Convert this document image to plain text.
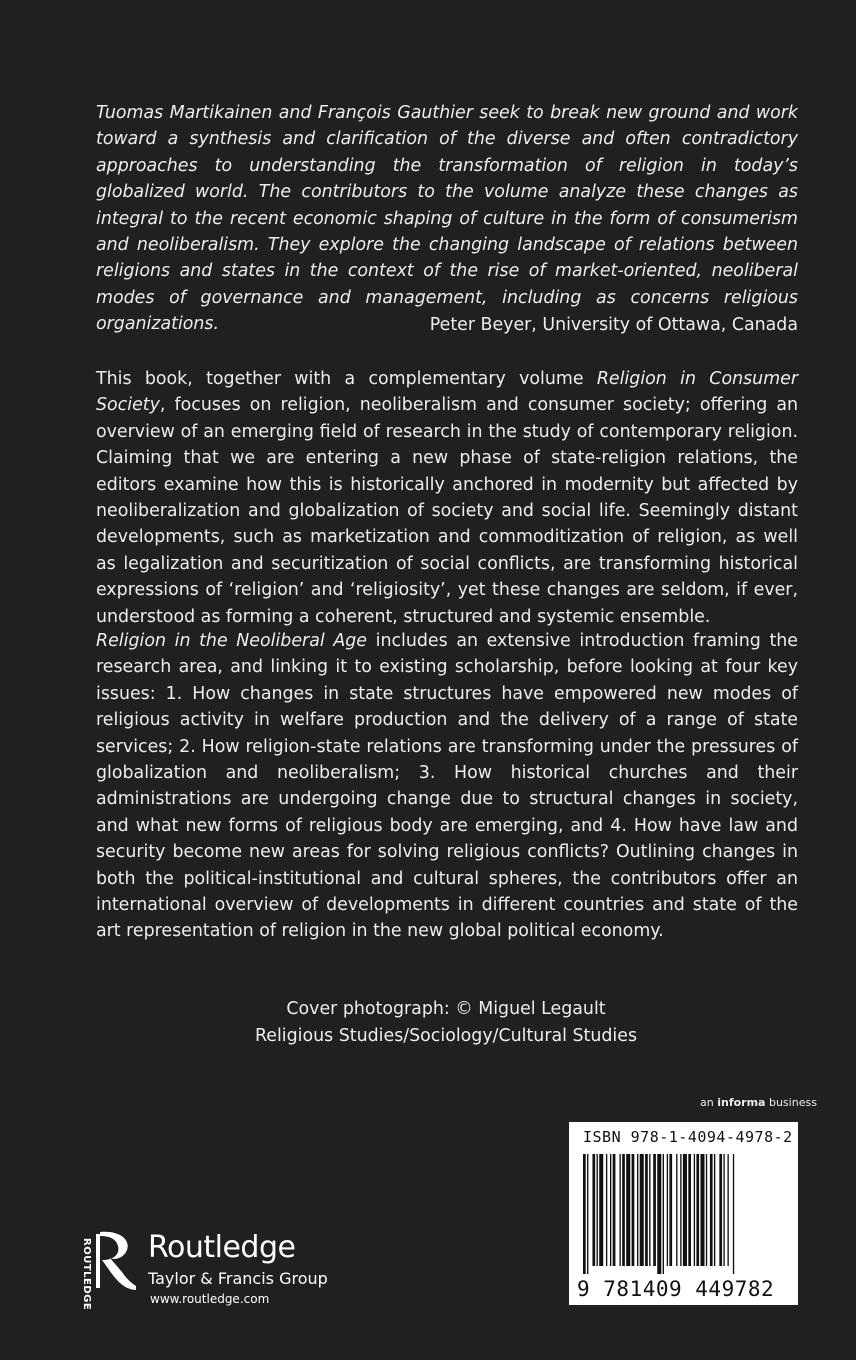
Tuomas Martikainen and François Gauthier seek to break new ground and work toward a synthesis and clarification of the diverse and often contradictory approaches to understanding the transformation of religion in today’s globalized world. The contributors to the volume analyze these changes as integral to the recent economic shaping of culture in the form of consumerism and neoliberalism. They explore the changing landscape of relations between religions and states in the context of the rise of market-oriented, neoliberal modes of governance and management, including as concerns religious organizations.	Peter Beyer, University of Ottawa, Canada

This book, together with a complementary volume Religion in Consumer Society, focuses on religion, neoliberalism and consumer society; offering an overview of an emerging field of research in the study of contemporary religion. Claiming that we are entering a new phase of state-religion relations, the editors examine how this is historically anchored in modernity but affected by neoliberalization and globalization of society and social life. Seemingly distant developments, such as marketization and commoditization of religion, as well as legalization and securitization of social conflicts, are transforming historical expressions of ‘religion’ and ‘religiosity’, yet these changes are seldom, if ever, understood as forming a coherent, structured and systemic ensemble.

Religion in the Neoliberal Age includes an extensive introduction framing the research area, and linking it to existing scholarship, before looking at four key issues: 1. How changes in state structures have empowered new modes of religious activity in welfare production and the delivery of a range of state services; 2. How religion-state relations are transforming under the pressures of globalization and neoliberalism; 3. How historical churches and their administrations are undergoing change due to structural changes in society, and what new forms of religious body are emerging, and 4. How have law and security become new areas for solving religious conflicts? Outlining changes in both the political-institutional and cultural spheres, the contributors offer an international overview of developments in different countries and state of the art representation of religion in the new global political economy.

Cover photograph: © Miguel Legault
Religious Studies/Sociology/Cultural Studies
an informa business
ISBN 978-1-4094-4978-2
9 781409 449782
ROUTLEDGE Routledge
Taylor & Francis Group
www.routledge.com
